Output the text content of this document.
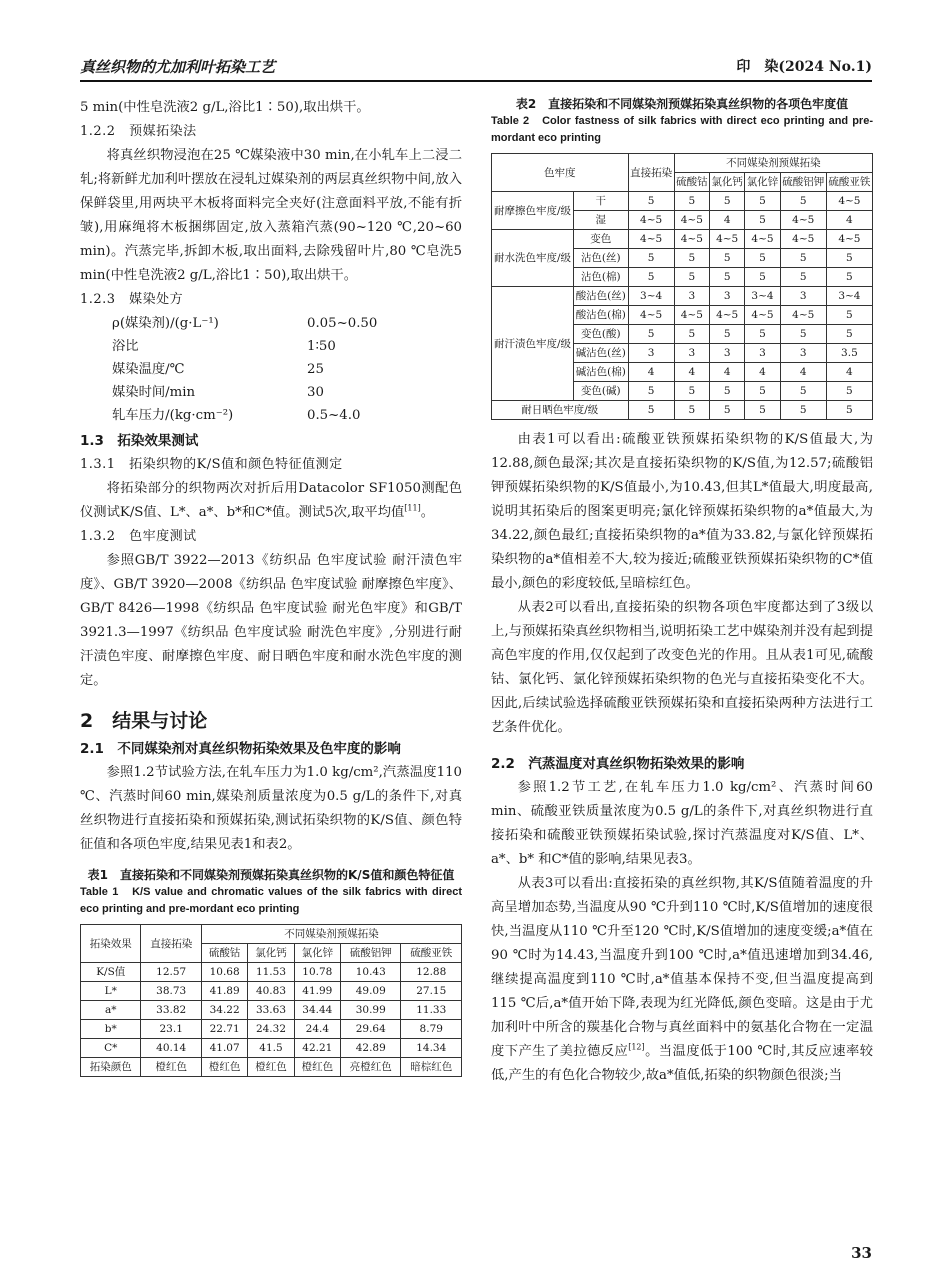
真丝织物的尤加利叶拓染工艺	印　染(2024 No.1)

5 min(中性皂洗液2 g/L,浴比1∶50),取出烘干。

1.2.2　预媒拓染法

将真丝织物浸泡在25 ℃媒染液中30 min,在小轧车上二浸二轧;将新鲜尤加利叶摆放在浸轧过媒染剂的两层真丝织物中间,放入保鲜袋里,用两块平木板将面料完全夹好(注意面料平放,不能有折皱),用麻绳将木板捆绑固定,放入蒸箱汽蒸(90~120 ℃,20~60 min)。汽蒸完毕,拆卸木板,取出面料,去除残留叶片,80 ℃皂洗5 min(中性皂洗液2 g/L,浴比1∶50),取出烘干。

1.2.3　媒染处方
ρ(媒染剂)/(g·L⁻¹)	0.05~0.50
浴比	1∶50
媒染温度/℃	25
媒染时间/min	30
轧车压力/(kg·cm⁻²)	0.5~4.0
1.3　拓染效果测试
1.3.1　拓染织物的K/S值和颜色特征值测定

将拓染部分的织物两次对折后用Datacolor SF1050测配色仪测试K/S值、L*、a*、b*和C*值。测试5次,取平均值[11]。

1.3.2　色牢度测试

参照GB/T 3922—2013《纺织品 色牢度试验 耐汗渍色牢度》、GB/T 3920—2008《纺织品 色牢度试验 耐摩擦色牢度》、GB/T 8426—1998《纺织品 色牢度试验 耐光色牢度》和GB/T 3921.3—1997《纺织品 色牢度试验 耐洗色牢度》,分别进行耐汗渍色牢度、耐摩擦色牢度、耐日晒色牢度和耐水洗色牢度的测定。

2　结果与讨论
2.1　不同媒染剂对真丝织物拓染效果及色牢度的影响

参照1.2节试验方法,在轧车压力为1.0 kg/cm²,汽蒸温度110 ℃、汽蒸时间60 min,媒染剂质量浓度为0.5 g/L的条件下,对真丝织物进行直接拓染和预媒拓染,测试拓染织物的K/S值、颜色特征值和各项色牢度,结果见表1和表2。

表1　直接拓染和不同媒染剂预媒拓染真丝织物的K/S值和颜色特征值
Table 1　K/S value and chromatic values of the silk fabrics with direct eco printing and pre-mordant eco printing
拓染效果	直接拓染	不同媒染剂预媒拓染				
		硫酸钴	氯化钙	氯化锌	硫酸铝钾	硫酸亚铁
K/S值	12.57	10.68	11.53	10.78	10.43	12.88
L*	38.73	41.89	40.83	41.99	49.09	27.15
a*	33.82	34.22	33.63	34.44	30.99	11.33
b*	23.1	22.71	24.32	24.4	29.64	8.79
C*	40.14	41.07	41.5	42.21	42.89	14.34
拓染颜色	橙红色	橙红色	橙红色	橙红色	亮橙红色	暗棕红色
表2　直接拓染和不同媒染剂预媒拓染真丝织物的各项色牢度值
Table 2　Color fastness of silk fabrics with direct eco printing and pre-mordant eco printing
色牢度		直接拓染	不同媒染剂预媒拓染				
			硫酸钴	氯化钙	氯化锌	硫酸铝钾	硫酸亚铁
耐摩擦色牢度/级	干	5	5	5	5	5	4~5
	湿	4~5	4~5	4	5	4~5	4
耐水洗色牢度/级	变色	4~5	4~5	4~5	4~5	4~5	4~5
	沾色(丝)	5	5	5	5	5	5
	沾色(棉)	5	5	5	5	5	5
耐汗渍色牢度/级	酸沾色(丝)	3~4	3	3	3~4	3	3~4
	酸沾色(棉)	4~5	4~5	4~5	4~5	4~5	5
	变色(酸)	5	5	5	5	5	5
	碱沾色(丝)	3	3	3	3	3	3.5
	碱沾色(棉)	4	4	4	4	4	4
	变色(碱)	5	5	5	5	5	5
耐日晒色牢度/级		5	5	5	5	5	5

由表1可以看出:硫酸亚铁预媒拓染织物的K/S值最大,为12.88,颜色最深;其次是直接拓染织物的K/S值,为12.57;硫酸铝钾预媒拓染织物的K/S值最小,为10.43,但其L*值最大,明度最高,说明其拓染后的图案更明亮;氯化锌预媒拓染织物的a*值最大,为34.22,颜色最红;直接拓染织物的a*值为33.82,与氯化锌预媒拓染织物的a*值相差不大,较为接近;硫酸亚铁预媒拓染织物的C*值最小,颜色的彩度较低,呈暗棕红色。

从表2可以看出,直接拓染的织物各项色牢度都达到了3级以上,与预媒拓染真丝织物相当,说明拓染工艺中媒染剂并没有起到提高色牢度的作用,仅仅起到了改变色光的作用。且从表1可见,硫酸钴、氯化钙、氯化锌预媒拓染织物的色光与直接拓染变化不大。因此,后续试验选择硫酸亚铁预媒拓染和直接拓染两种方法进行工艺条件优化。

2.2　汽蒸温度对真丝织物拓染效果的影响

参照1.2节工艺,在轧车压力1.0 kg/cm²、汽蒸时间60 min、硫酸亚铁质量浓度为0.5 g/L的条件下,对真丝织物进行直接拓染和硫酸亚铁预媒拓染试验,探讨汽蒸温度对K/S值、L*、a*、b* 和C*值的影响,结果见表3。

从表3可以看出:直接拓染的真丝织物,其K/S值随着温度的升高呈增加态势,当温度从90 ℃升到110 ℃时,K/S值增加的速度很快,当温度从110 ℃升至120 ℃时,K/S值增加的速度变缓;a*值在90 ℃时为14.43,当温度升到100 ℃时,a*值迅速增加到34.46,继续提高温度到110 ℃时,a*值基本保持不变,但当温度提高到115 ℃后,a*值开始下降,表现为红光降低,颜色变暗。这是由于尤加利叶中所含的羰基化合物与真丝面料中的氨基化合物在一定温度下产生了美拉德反应[12]。当温度低于100 ℃时,其反应速率较低,产生的有色化合物较少,故a*值低,拓染的织物颜色很淡;当

33
